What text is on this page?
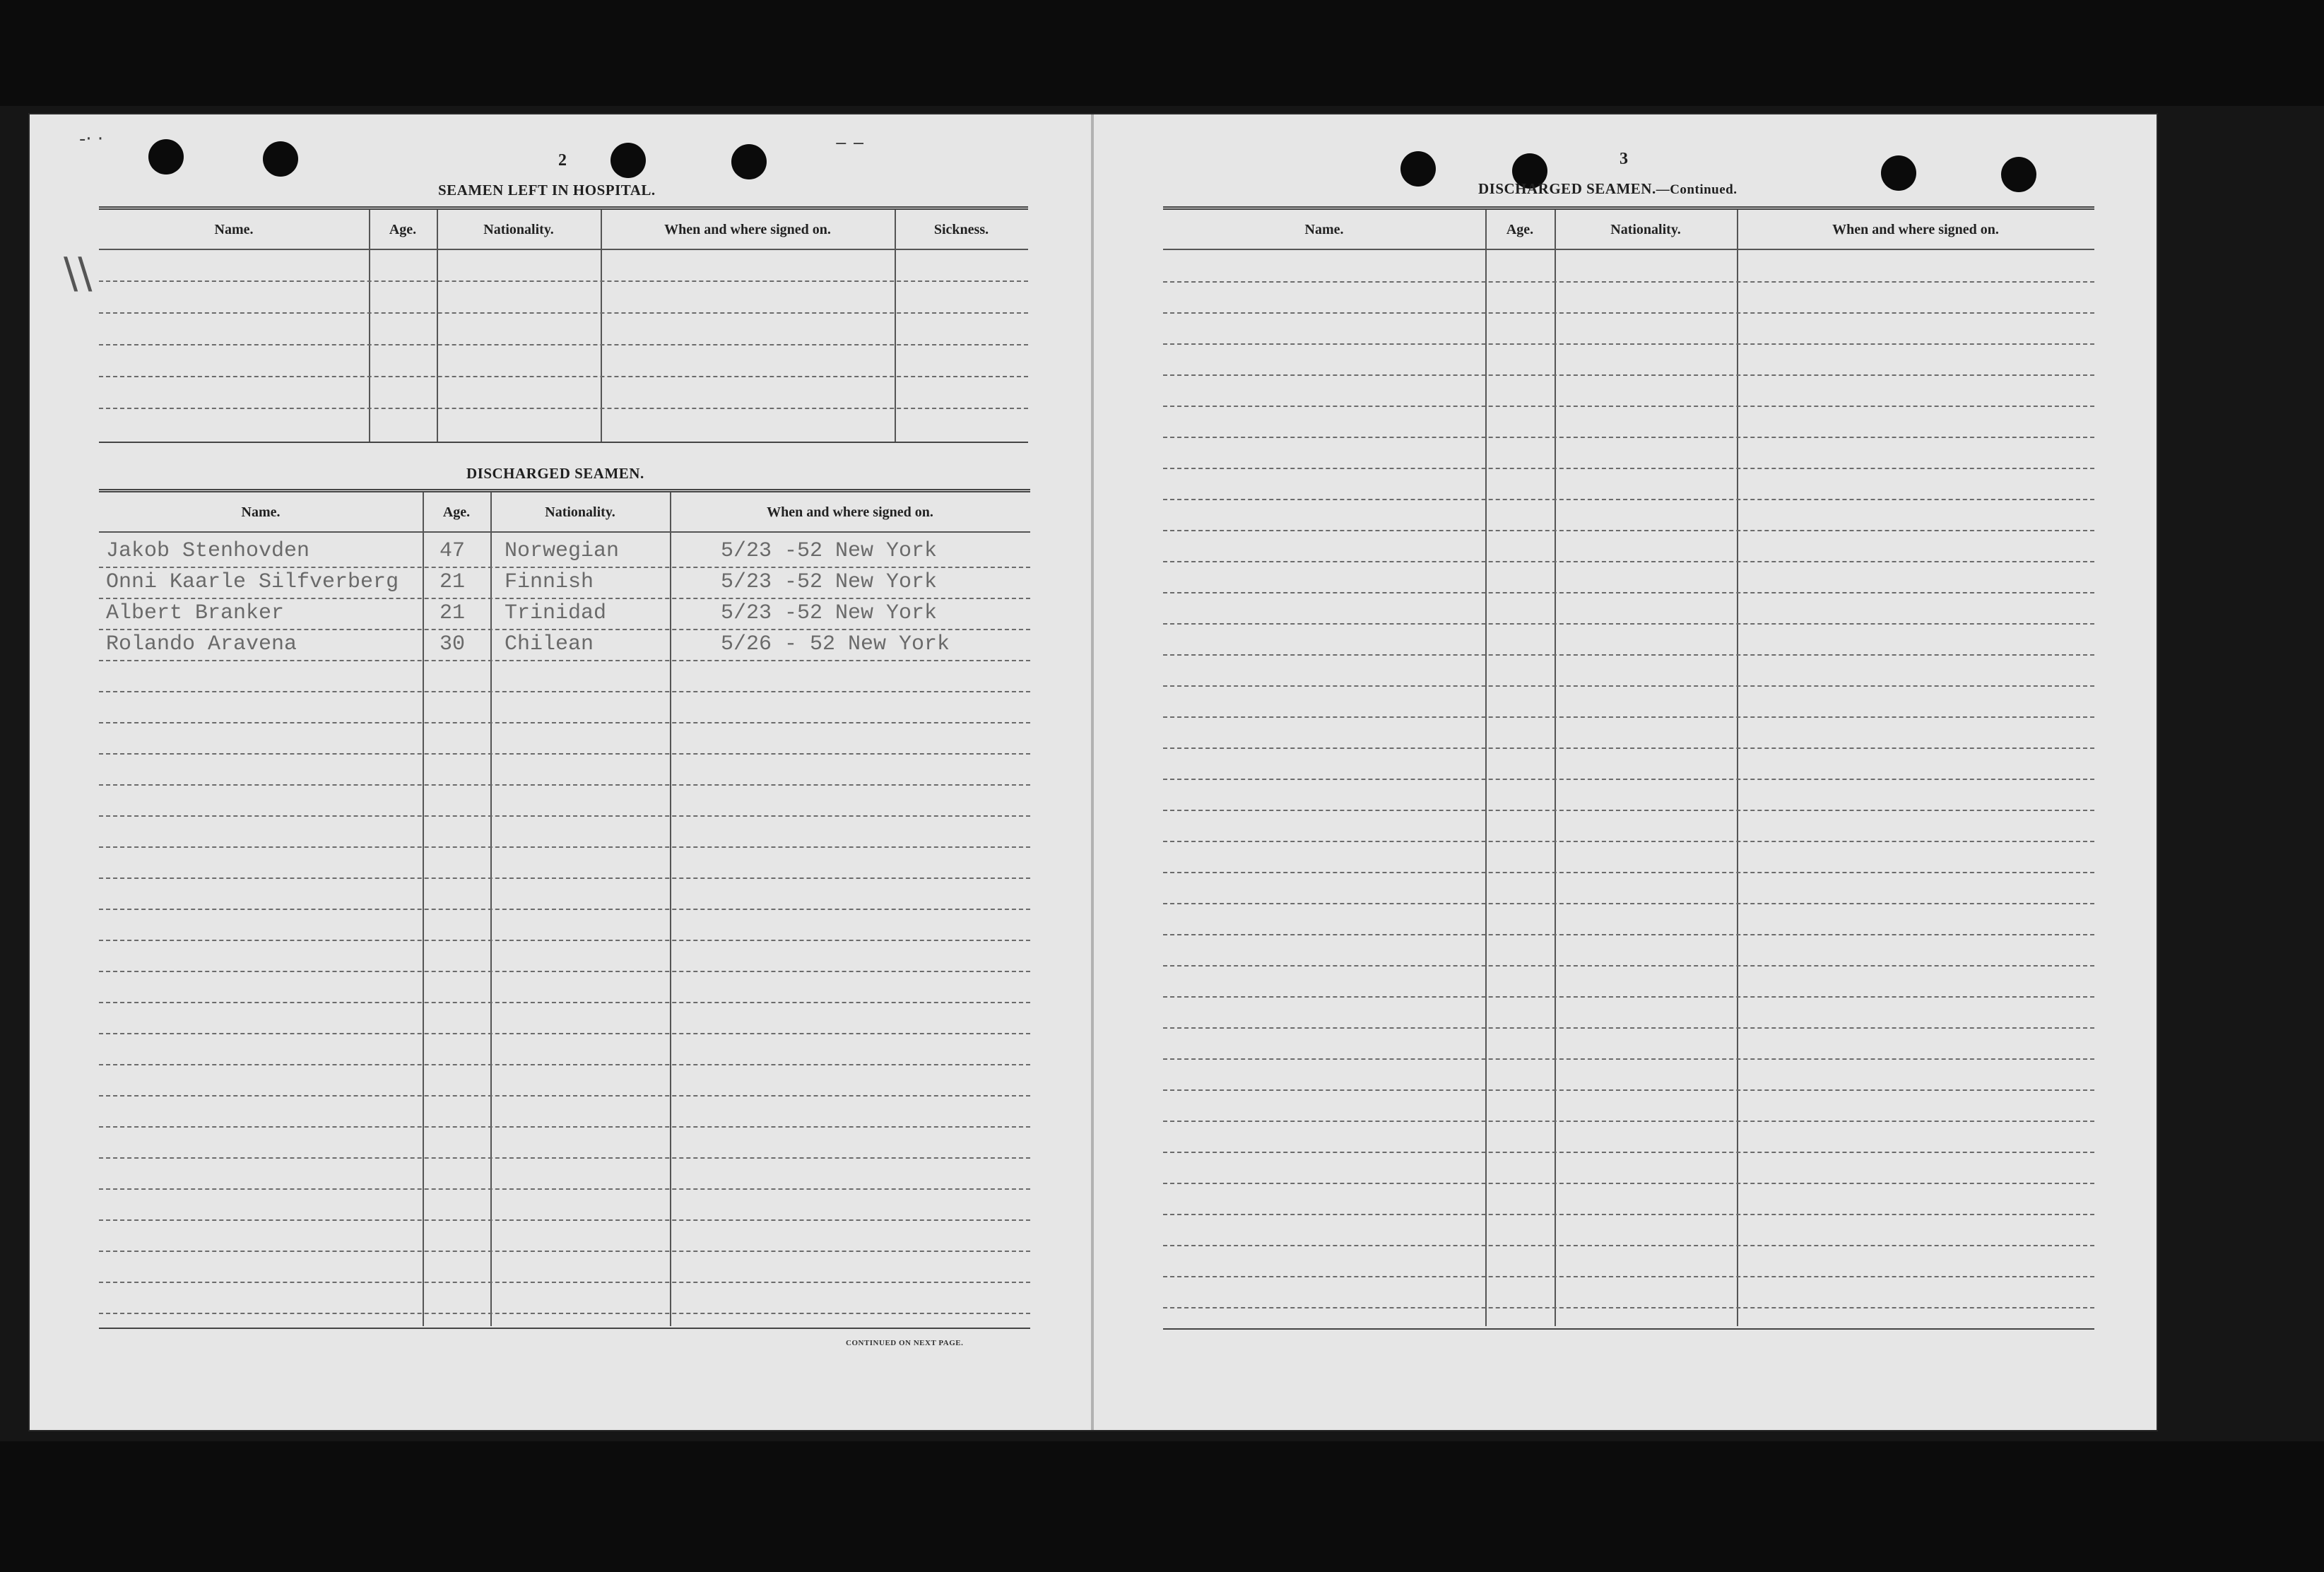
-· ·	‒ ‒
\\
2
SEAMEN LEFT IN HOSPITAL.
Name.	Age.	Nationality.	When and where signed on.	Sickness.
DISCHARGED SEAMEN.
Name.	Age.	Nationality.	When and where signed on.
Jakob Stenhovden	47 Norwegian	5/23 -52 New York
Onni Kaarle Silfverberg 21 Finnish	5/23 -52 New York
Albert Branker	21 Trinidad	5/23 -52 New York
Rolando Aravena	30 Chilean	5/26 - 52 New York
CONTINUED ON NEXT PAGE.
3
DISCHARGED SEAMEN.—Continued.
Name.	Age.	Nationality.	When and where signed on.
